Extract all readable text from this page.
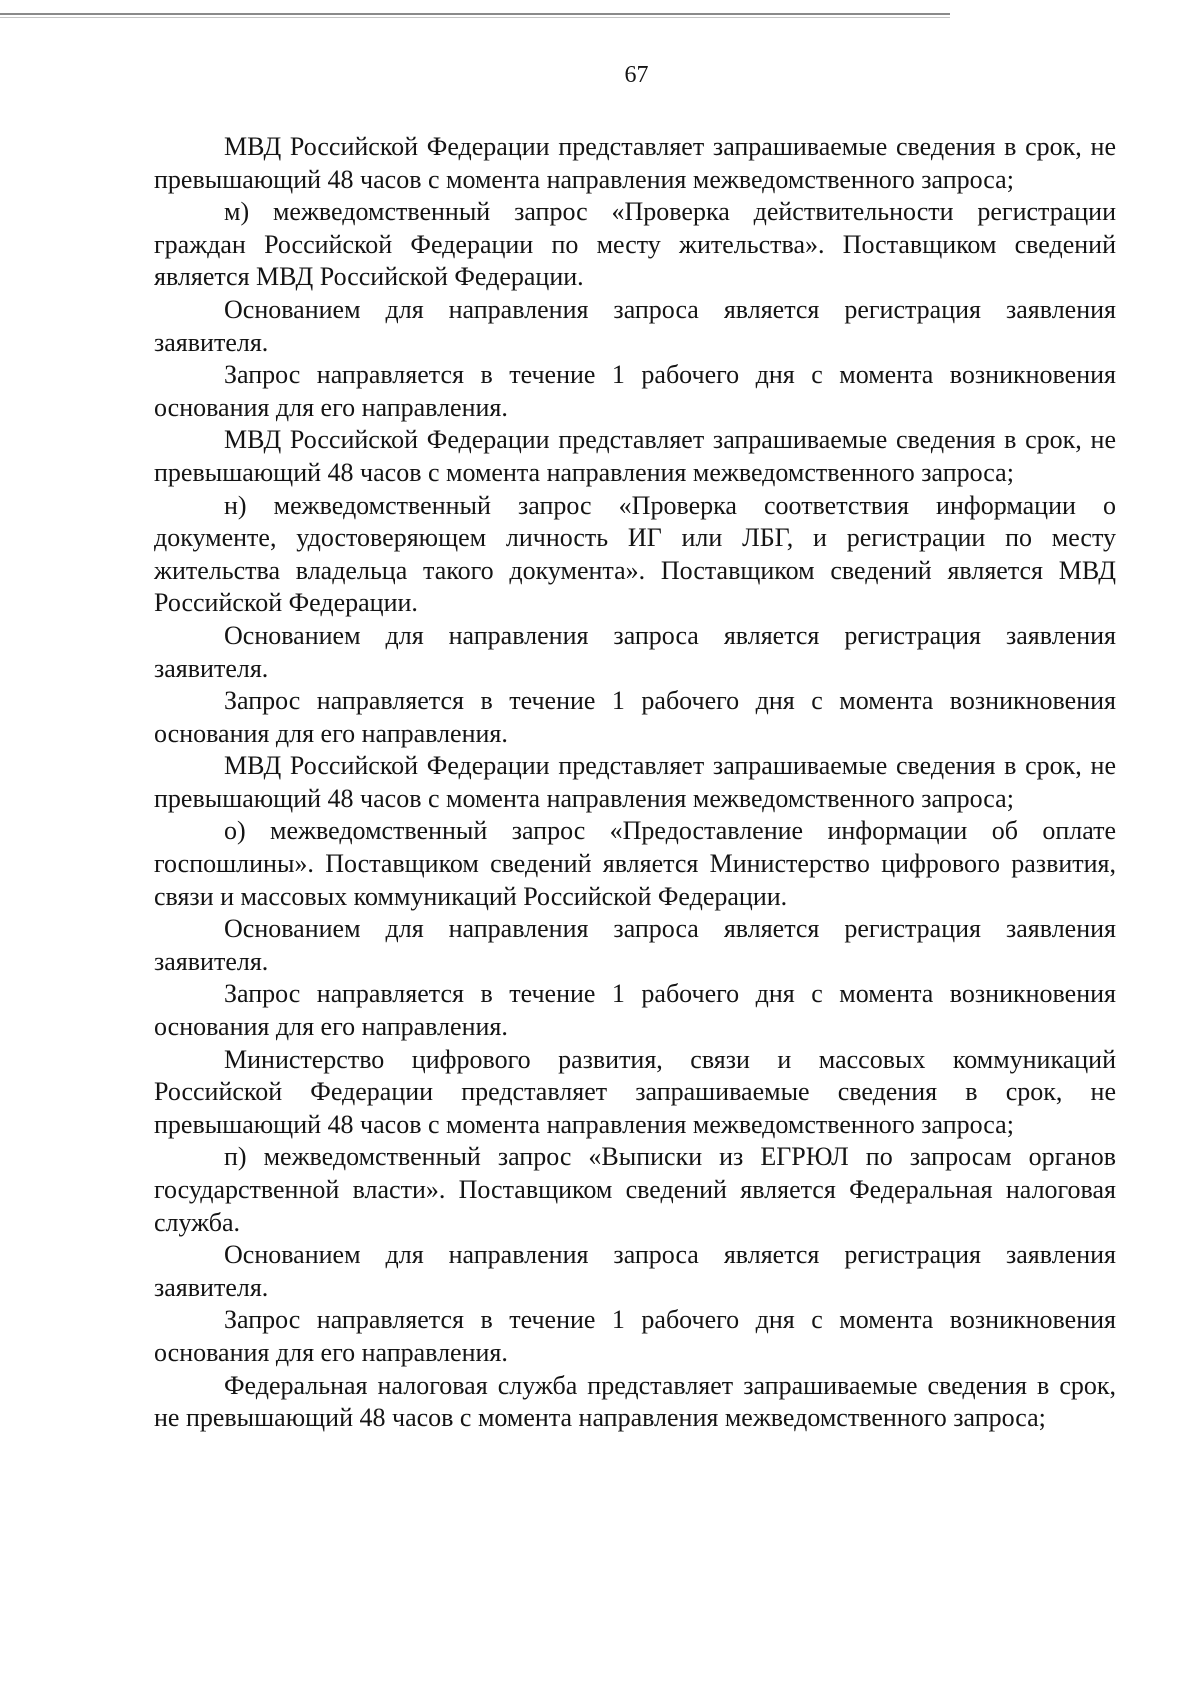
67

МВД Российской Федерации представляет запрашиваемые сведения в срок, не превышающий 48 часов с момента направления межведомственного запроса;

м) межведомственный запрос «Проверка действительности регистрации граждан Российской Федерации по месту жительства». Поставщиком сведений является МВД Российской Федерации.

Основанием для направления запроса является регистрация заявления заявителя.

Запрос направляется в течение 1 рабочего дня с момента возникновения основания для его направления.

МВД Российской Федерации представляет запрашиваемые сведения в срок, не превышающий 48 часов с момента направления межведомственного запроса;

н) межведомственный запрос «Проверка соответствия информации о документе, удостоверяющем личность ИГ или ЛБГ, и регистрации по месту жительства владельца такого документа». Поставщиком сведений является МВД Российской Федерации.

Основанием для направления запроса является регистрация заявления заявителя.

Запрос направляется в течение 1 рабочего дня с момента возникновения основания для его направления.

МВД Российской Федерации представляет запрашиваемые сведения в срок, не превышающий 48 часов с момента направления межведомственного запроса;

о) межведомственный запрос «Предоставление информации об оплате госпошлины». Поставщиком сведений является Министерство цифрового развития, связи и массовых коммуникаций Российской Федерации.

Основанием для направления запроса является регистрация заявления заявителя.

Запрос направляется в течение 1 рабочего дня с момента возникновения основания для его направления.

Министерство цифрового развития, связи и массовых коммуникаций Российской Федерации представляет запрашиваемые сведения в срок, не превышающий 48 часов с момента направления межведомственного запроса;

п) межведомственный запрос «Выписки из ЕГРЮЛ по запросам органов государственной власти». Поставщиком сведений является Федеральная налоговая служба.

Основанием для направления запроса является регистрация заявления заявителя.

Запрос направляется в течение 1 рабочего дня с момента возникновения основания для его направления.

Федеральная налоговая служба представляет запрашиваемые сведения в срок, не превышающий 48 часов с момента направления межведомственного запроса;
